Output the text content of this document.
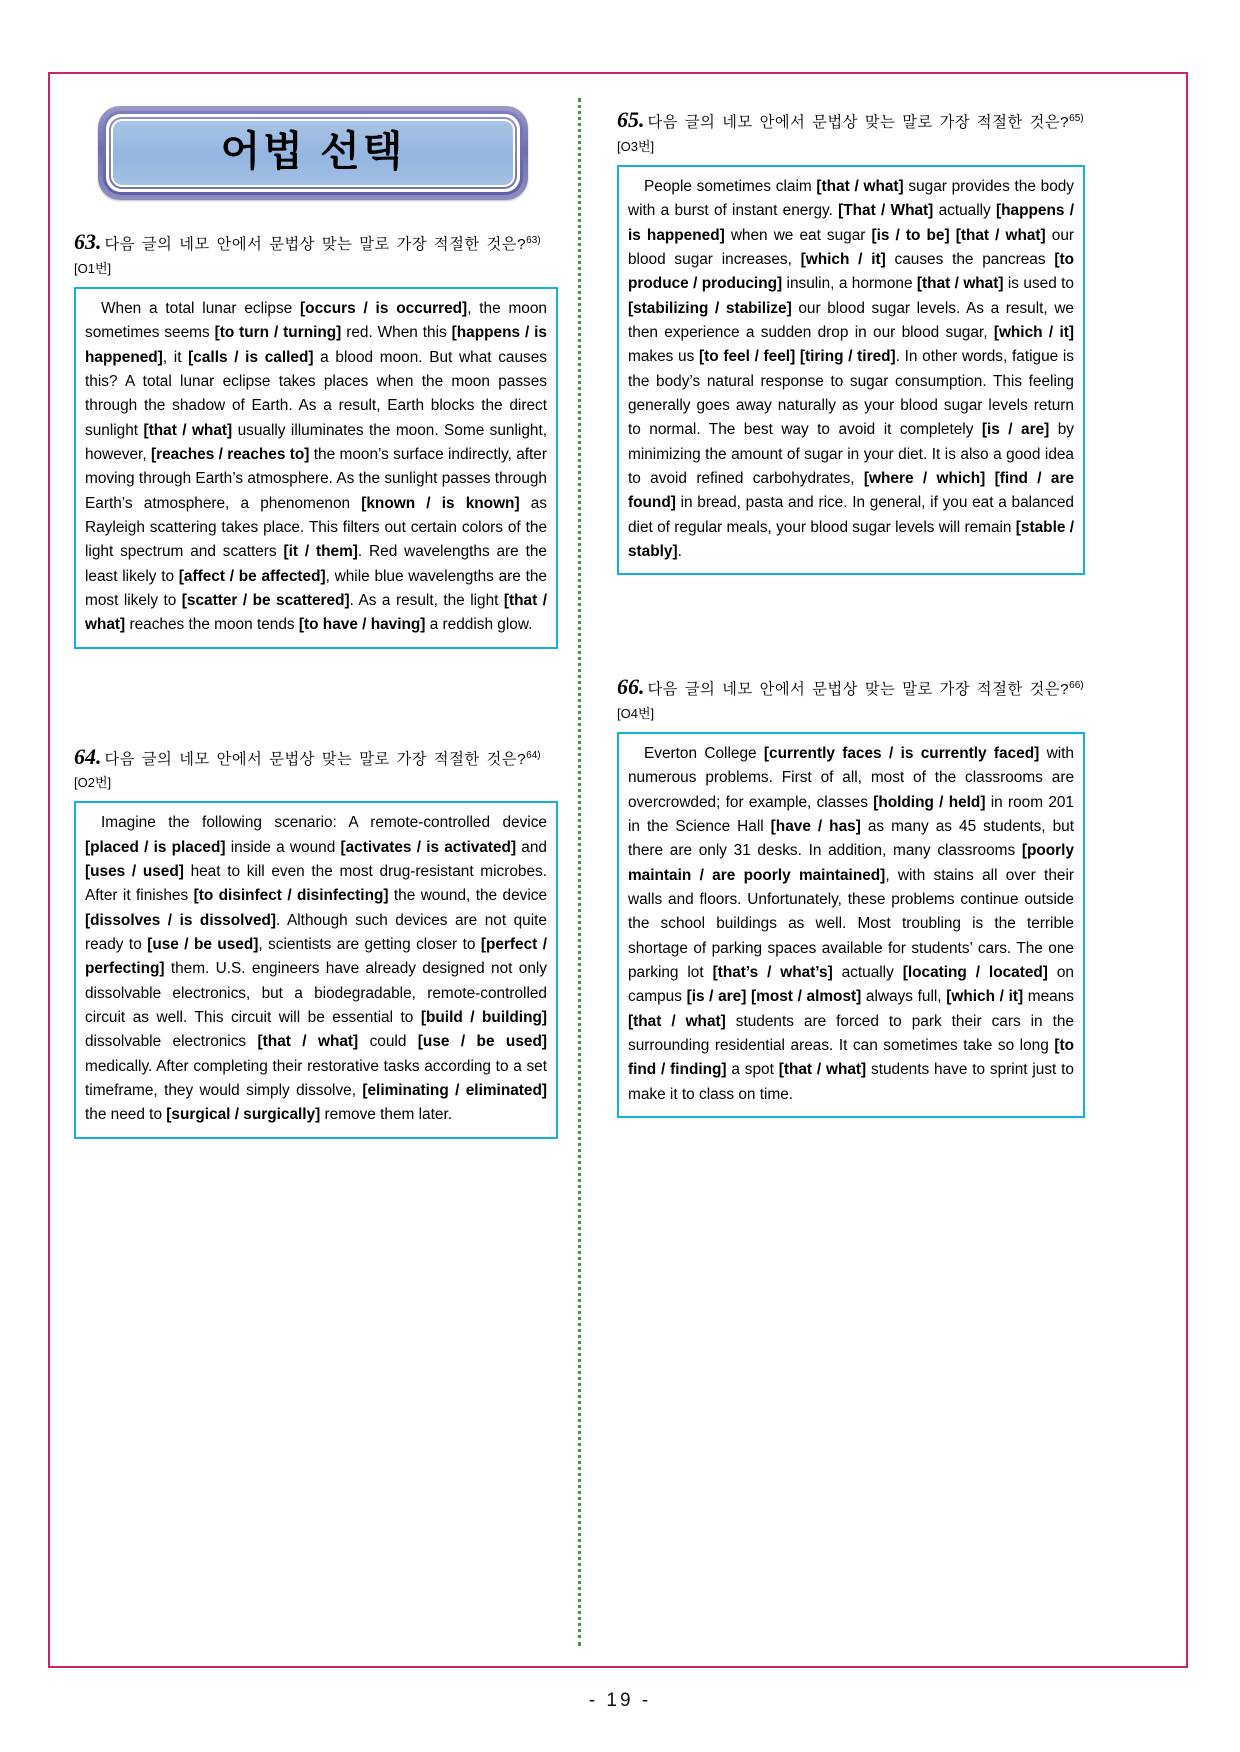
어법 선택
63. 다음 글의 네모 안에서 문법상 맞는 말로 가장 적절한 것은?$^{63)}$[O1번]

When a total lunar eclipse [occurs / is occurred], the moon sometimes seems [to turn / turning] red. When this [happens / is happened], it [calls / is called] a blood moon. But what causes this? A total lunar eclipse takes places when the moon passes through the shadow of Earth. As a result, Earth blocks the direct sunlight [that / what] usually illuminates the moon. Some sunlight, however, [reaches / reaches to] the moon’s surface indirectly, after moving through Earth’s atmosphere. As the sunlight passes through Earth’s atmosphere, a phenomenon [known / is known] as Rayleigh scattering takes place. This filters out certain colors of the light spectrum and scatters [it / them]. Red wavelengths are the least likely to [affect / be affected], while blue wavelengths are the most likely to [scatter / be scattered]. As a result, the light [that / what] reaches the moon tends [to have / having] a reddish glow.

64. 다음 글의 네모 안에서 문법상 맞는 말로 가장 적절한 것은?$^{64)}$[O2번]

Imagine the following scenario: A remote-controlled device [placed / is placed] inside a wound [activates / is activated] and [uses / used] heat to kill even the most drug-resistant microbes. After it finishes [to disinfect / disinfecting] the wound, the device [dissolves / is dissolved]. Although such devices are not quite ready to [use / be used], scientists are getting closer to [perfect / perfecting] them. U.S. engineers have already designed not only dissolvable electronics, but a biodegradable, remote-controlled circuit as well. This circuit will be essential to [build / building] dissolvable electronics [that / what] could [use / be used] medically. After completing their restorative tasks according to a set timeframe, they would simply dissolve, [eliminating / eliminated] the need to [surgical / surgically] remove them later.

65. 다음 글의 네모 안에서 문법상 맞는 말로 가장 적절한 것은?$^{65)}$[O3번]

People sometimes claim [that / what] sugar provides the body with a burst of instant energy. [That / What] actually [happens / is happened] when we eat sugar [is / to be] [that / what] our blood sugar increases, [which / it] causes the pancreas [to produce / producing] insulin, a hormone [that / what] is used to [stabilizing / stabilize] our blood sugar levels. As a result, we then experience a sudden drop in our blood sugar, [which / it] makes us [to feel / feel] [tiring / tired]. In other words, fatigue is the body’s natural response to sugar consumption. This feeling generally goes away naturally as your blood sugar levels return to normal. The best way to avoid it completely [is / are] by minimizing the amount of sugar in your diet. It is also a good idea to avoid refined carbohydrates, [where / which] [find / are found] in bread, pasta and rice. In general, if you eat a balanced diet of regular meals, your blood sugar levels will remain [stable / stably].

66. 다음 글의 네모 안에서 문법상 맞는 말로 가장 적절한 것은?$^{66)}$[O4번]

Everton College [currently faces / is currently faced] with numerous problems. First of all, most of the classrooms are overcrowded; for example, classes [holding / held] in room 201 in the Science Hall [have / has] as many as 45 students, but there are only 31 desks. In addition, many classrooms [poorly maintain / are poorly maintained], with stains all over their walls and floors. Unfortunately, these problems continue outside the school buildings as well. Most troubling is the terrible shortage of parking spaces available for students’ cars. The one parking lot [that’s / what’s] actually [locating / located] on campus [is / are] [most / almost] always full, [which / it] means [that / what] students are forced to park their cars in the surrounding residential areas. It can sometimes take so long [to find / finding] a spot [that / what] students have to sprint just to make it to class on time.

- 19 -
